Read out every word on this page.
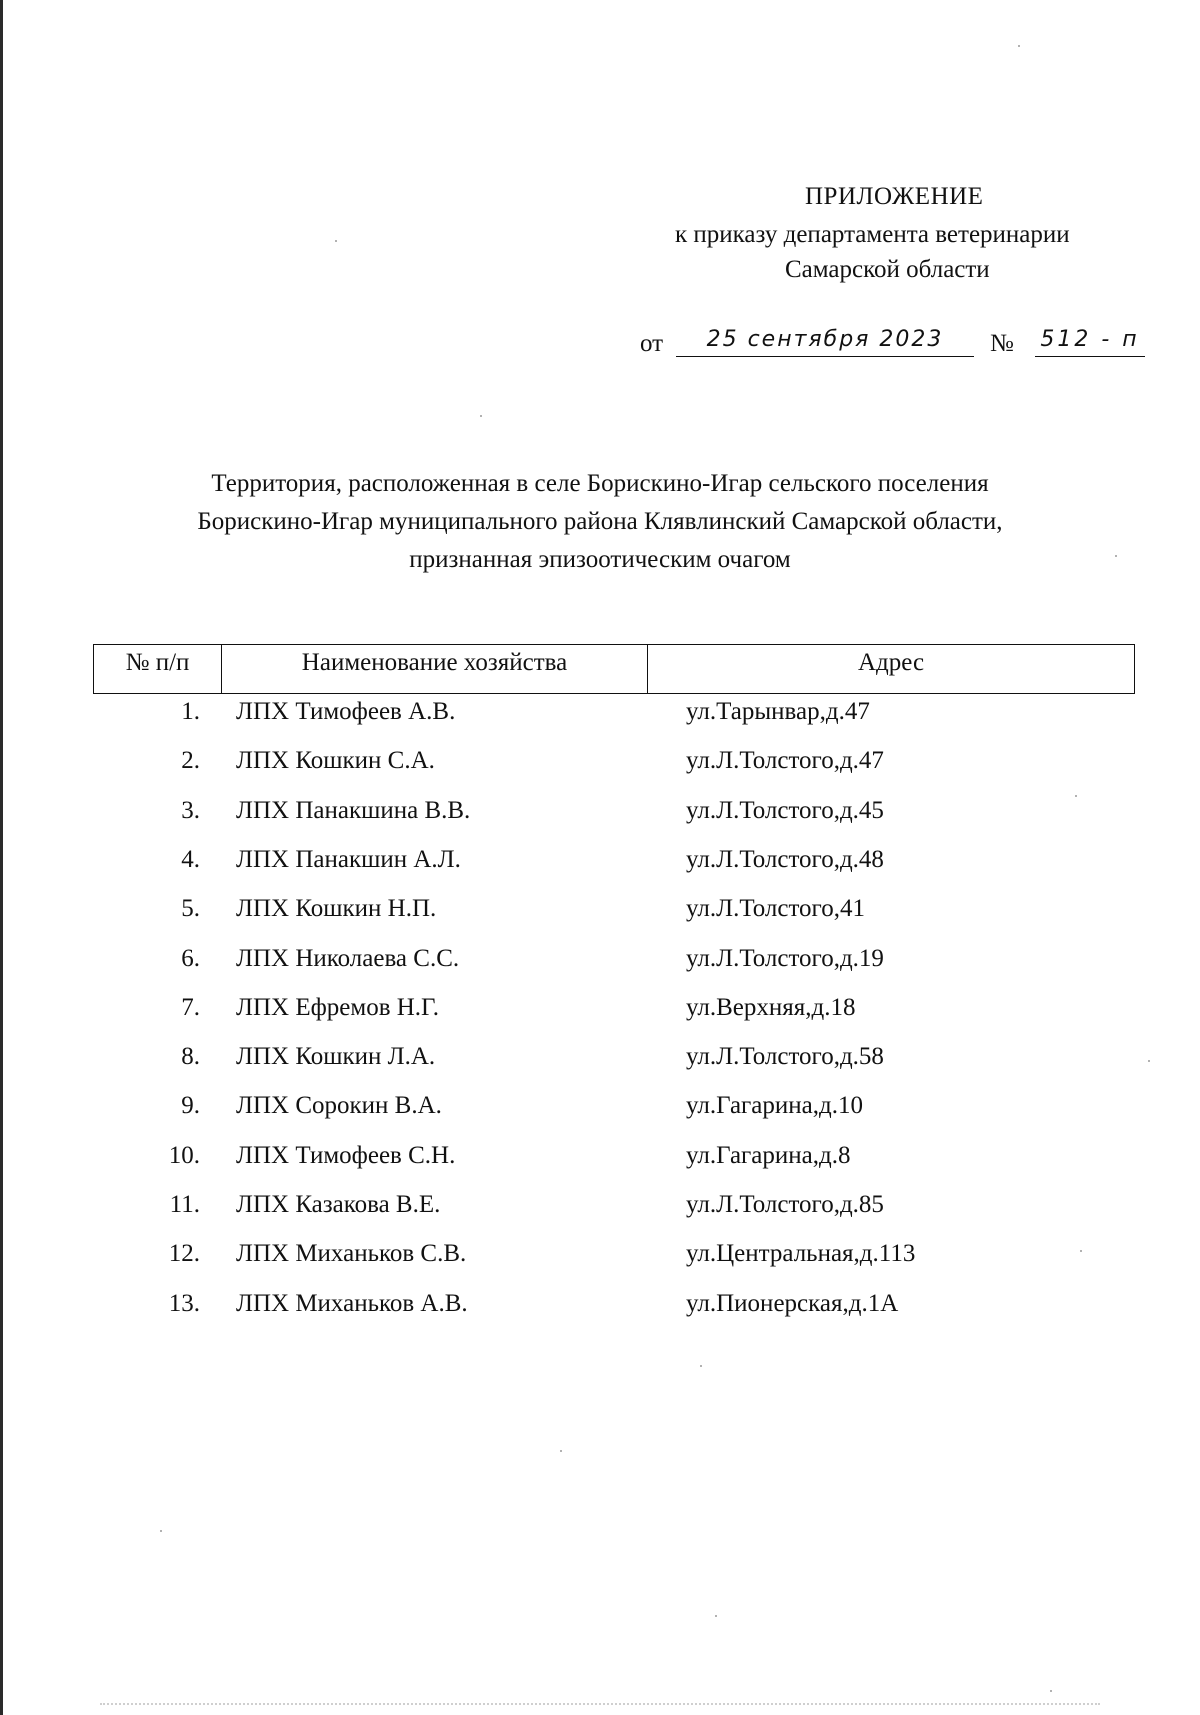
ПРИЛОЖЕНИЕ
к приказу департамента ветеринарии
Самарской области
от	25 сентября 2023	№ 512 - п
Территория, расположенная в селе Борискино-Игар сельского поселения
Борискино-Игар муниципального района Клявлинский Самарской области,
признанная эпизоотическим очагом
№ п/п	Наименование хозяйства	Адрес
1. ЛПХ Тимофеев А.В.	ул.Тарынвар,д.47
2. ЛПХ Кошкин С.А.	ул.Л.Толстого,д.47
3. ЛПХ Панакшина В.В.	ул.Л.Толстого,д.45
4. ЛПХ Панакшин А.Л.	ул.Л.Толстого,д.48
5. ЛПХ Кошкин Н.П.	ул.Л.Толстого,41
6. ЛПХ Николаева С.С.	ул.Л.Толстого,д.19
7. ЛПХ Ефремов Н.Г.	ул.Верхняя,д.18
8. ЛПХ Кошкин Л.А.	ул.Л.Толстого,д.58
9. ЛПХ Сорокин В.А.	ул.Гагарина,д.10
10. ЛПХ Тимофеев С.Н.	ул.Гагарина,д.8
11. ЛПХ Казакова В.Е.	ул.Л.Толстого,д.85
12. ЛПХ Миханьков С.В.	ул.Центральная,д.113
13. ЛПХ Миханьков А.В.	ул.Пионерская,д.1А
